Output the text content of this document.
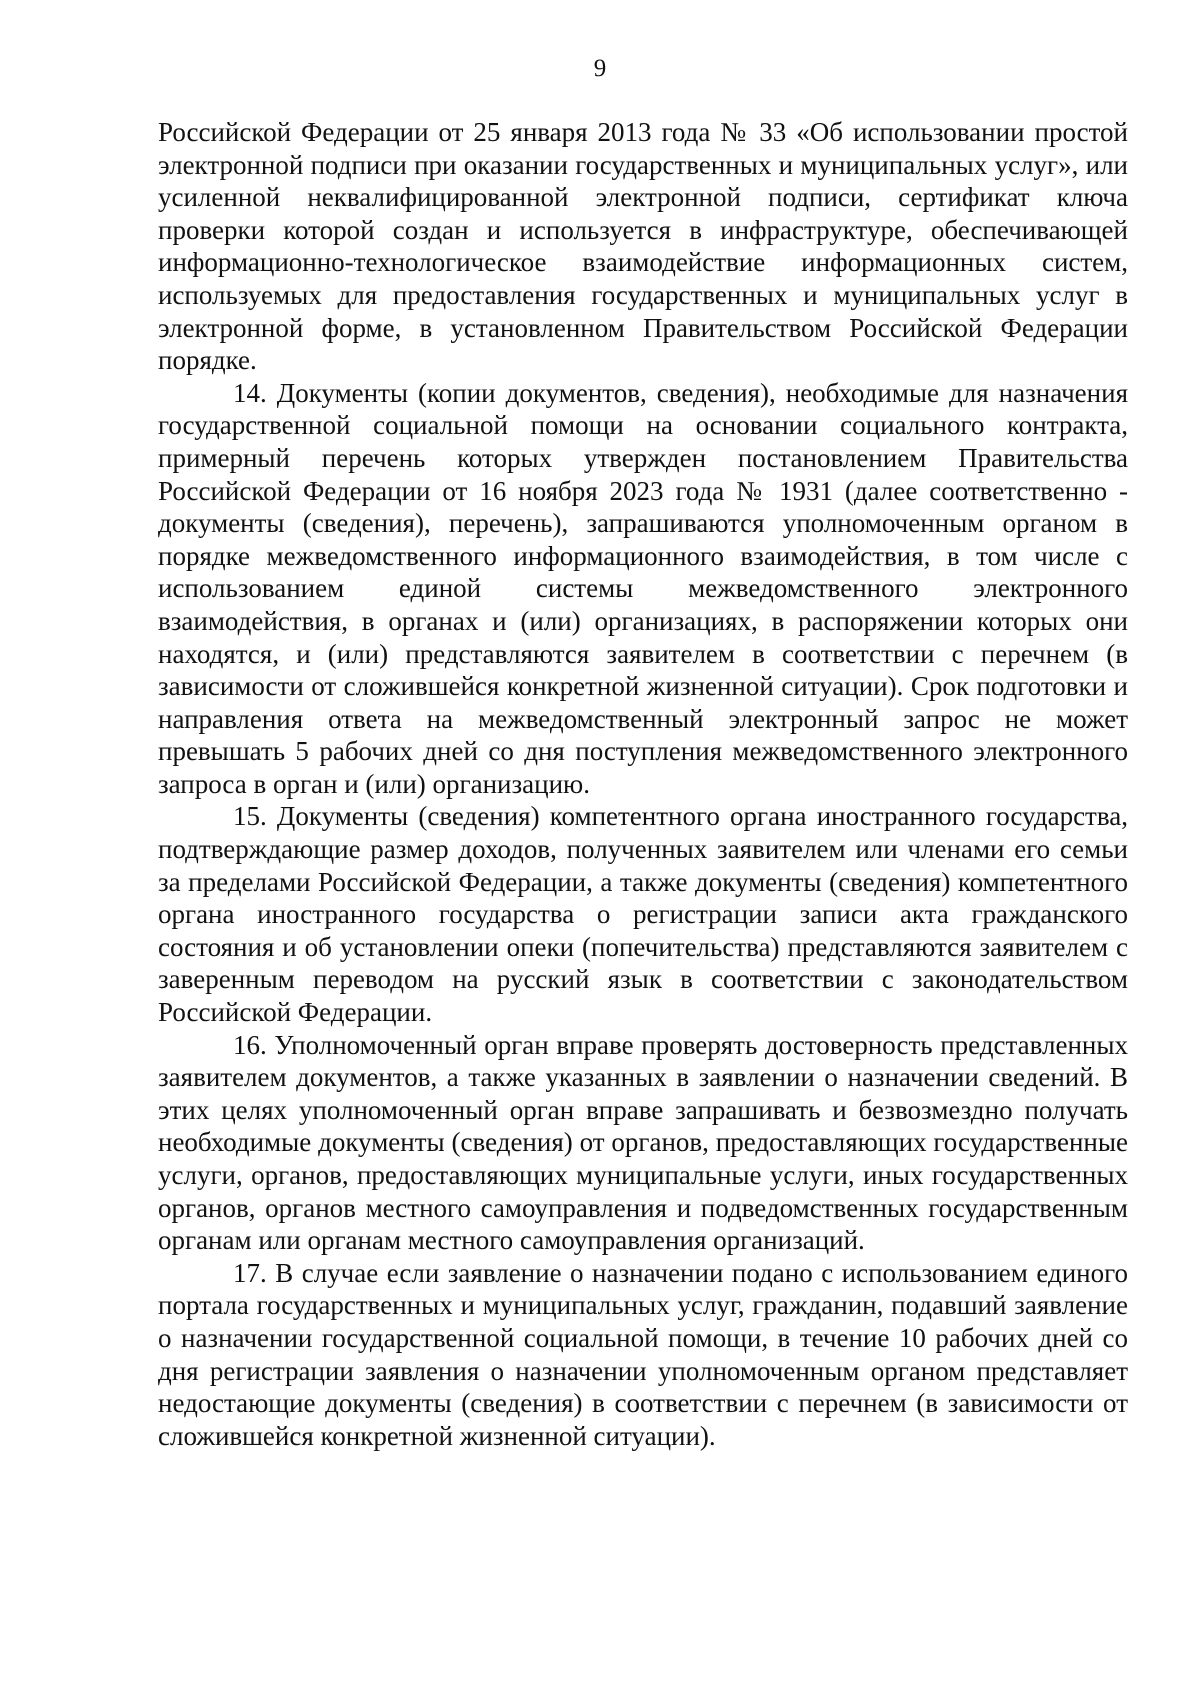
9

Российской Федерации от 25 января 2013 года № 33 «Об использовании простой электронной подписи при оказании государственных и муниципальных услуг», или усиленной неквалифицированной электронной подписи, сертификат ключа проверки которой создан и используется в инфраструктуре, обеспечивающей информационно-технологическое взаимодействие информационных систем, используемых для предоставления государственных и муниципальных услуг в электронной форме, в установленном Правительством Российской Федерации порядке.

14. Документы (копии документов, сведения), необходимые для назначения государственной социальной помощи на основании социального контракта, примерный перечень которых утвержден постановлением Правительства Российской Федерации от 16 ноября 2023 года № 1931 (далее соответственно - документы (сведения), перечень), запрашиваются уполномоченным органом в порядке межведомственного информационного взаимодействия, в том числе с использованием единой системы межведомственного электронного взаимодействия, в органах и (или) организациях, в распоряжении которых они находятся, и (или) представляются заявителем в соответствии с перечнем (в зависимости от сложившейся конкретной жизненной ситуации). Срок подготовки и направления ответа на межведомственный электронный запрос не может превышать 5 рабочих дней со дня поступления межведомственного электронного запроса в орган и (или) организацию.

15. Документы (сведения) компетентного органа иностранного государства, подтверждающие размер доходов, полученных заявителем или членами его семьи за пределами Российской Федерации, а также документы (сведения) компетентного органа иностранного государства о регистрации записи акта гражданского состояния и об установлении опеки (попечительства) представляются заявителем с заверенным переводом на русский язык в соответствии с законодательством Российской Федерации.

16. Уполномоченный орган вправе проверять достоверность представленных заявителем документов, а также указанных в заявлении о назначении сведений. В этих целях уполномоченный орган вправе запрашивать и безвозмездно получать необходимые документы (сведения) от органов, предоставляющих государственные услуги, органов, предоставляющих муниципальные услуги, иных государственных органов, органов местного самоуправления и подведомственных государственным органам или органам местного самоуправления организаций.

17. В случае если заявление о назначении подано с использованием единого портала государственных и муниципальных услуг, гражданин, подавший заявление о назначении государственной социальной помощи, в течение 10 рабочих дней со дня регистрации заявления о назначении уполномоченным органом представляет недостающие документы (сведения) в соответствии с перечнем (в зависимости от сложившейся конкретной жизненной ситуации).
